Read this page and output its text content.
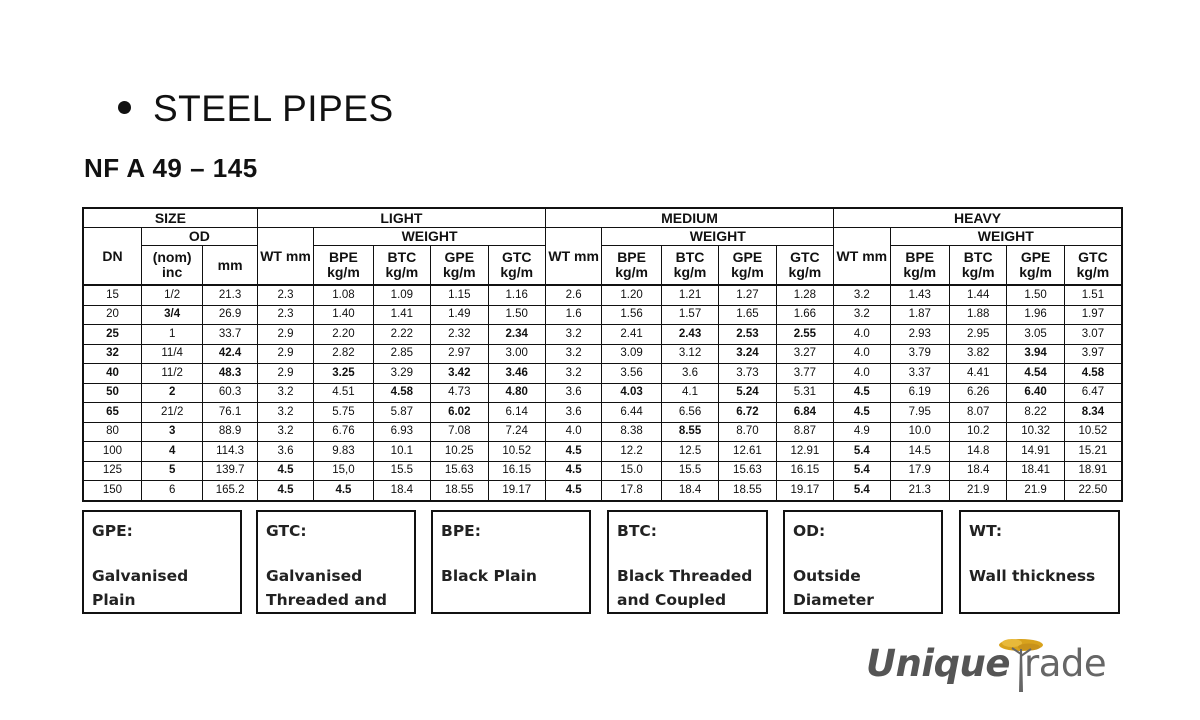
STEEL PIPES
NF A 49 – 145
SIZE			LIGHT					MEDIUM					HEAVY				
DN	OD		WT mm	WEIGHT				WT mm	WEIGHT				WT mm	WEIGHT			
	(nom) inc	mm		BPE kg/m	BTC kg/m	GPE kg/m	GTC kg/m		BPE kg/m	BTC kg/m	GPE kg/m	GTC kg/m		BPE kg/m	BTC kg/m	GPE kg/m	GTC kg/m
15	1/2	21.3	2.3	1.08	1.09	1.15	1.16	2.6	1.20	1.21	1.27	1.28	3.2	1.43	1.44	1.50	1.51
20	3/4	26.9	2.3	1.40	1.41	1.49	1.50	1.6	1.56	1.57	1.65	1.66	3.2	1.87	1.88	1.96	1.97
25	1	33.7	2.9	2.20	2.22	2.32	2.34	3.2	2.41	2.43	2.53	2.55	4.0	2.93	2.95	3.05	3.07
32	11/4	42.4	2.9	2.82	2.85	2.97	3.00	3.2	3.09	3.12	3.24	3.27	4.0	3.79	3.82	3.94	3.97
40	11/2	48.3	2.9	3.25	3.29	3.42	3.46	3.2	3.56	3.6	3.73	3.77	4.0	3.37	4.41	4.54	4.58
50	2	60.3	3.2	4.51	4.58	4.73	4.80	3.6	4.03	4.1	5.24	5.31	4.5	6.19	6.26	6.40	6.47
65	21/2	76.1	3.2	5.75	5.87	6.02	6.14	3.6	6.44	6.56	6.72	6.84	4.5	7.95	8.07	8.22	8.34
80	3	88.9	3.2	6.76	6.93	7.08	7.24	4.0	8.38	8.55	8.70	8.87	4.9	10.0	10.2	10.32	10.52
100	4	114.3	3.6	9.83	10.1	10.25	10.52	4.5	12.2	12.5	12.61	12.91	5.4	14.5	14.8	14.91	15.21
125	5	139.7	4.5	15,0	15.5	15.63	16.15	4.5	15.0	15.5	15.63	16.15	5.4	17.9	18.4	18.41	18.91
150	6	165.2	4.5	4.5	18.4	18.55	19.17	4.5	17.8	18.4	18.55	19.17	5.4	21.3	21.9	21.9	22.50
GPE:
Galvanised Plain
GTC:
Galvanised Threaded and
BPE:
Black Plain
BTC:
Black Threaded and Coupled
OD:
Outside Diameter
WT:
Wall thickness
Unique rade
